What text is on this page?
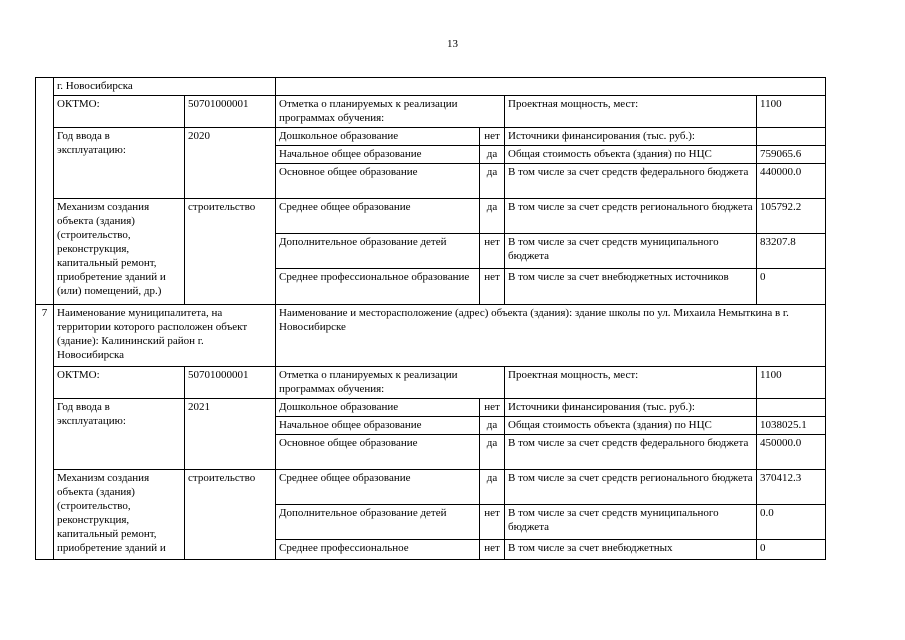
13
	г. Новосибирска					
	ОКТМО:	50701000001	Отметка о планируемых к реализации программах обучения:		Проектная мощность, мест:	1100
	Год ввода в эксплуатацию:	2020	Дошкольное образование	нет	Источники финансирования (тыс. руб.):	
			Начальное общее образование	да	Общая стоимость объекта (здания) по НЦС	759065.6
			Основное общее образование	да	В том числе за счет средств федерального бюджета	440000.0
	Механизм создания объекта (здания) (строительство, реконструкция, капитальный ремонт, приобретение зданий и (или) помещений, др.)	строительство	Среднее общее образование	да	В том числе за счет средств регионального бюджета	105792.2
			Дополнительное образование детей	нет	В том числе за счет средств муниципального бюджета	83207.8
			Среднее профессиональное образование	нет	В том числе за счет внебюджетных источников	0
7	Наименование муниципалитета, на территории которого расположен объект (здание): Калининский район г. Новосибирска		Наименование и месторасположение (адрес) объекта (здания): здание школы по ул. Михаила Немыткина в г. Новосибирске			
	ОКТМО:	50701000001	Отметка о планируемых к реализации программах обучения:		Проектная мощность, мест:	1100
	Год ввода в эксплуатацию:	2021	Дошкольное образование	нет	Источники финансирования (тыс. руб.):	
			Начальное общее образование	да	Общая стоимость объекта (здания) по НЦС	1038025.1
			Основное общее образование	да	В том числе за счет средств федерального бюджета	450000.0
	Механизм создания объекта (здания) (строительство, реконструкция, капитальный ремонт, приобретение зданий и	строительство	Среднее общее образование	да	В том числе за счет средств регионального бюджета	370412.3
			Дополнительное образование детей	нет	В том числе за счет средств муниципального бюджета	0.0
			Среднее профессиональное	нет	В том числе за счет внебюджетных	0
